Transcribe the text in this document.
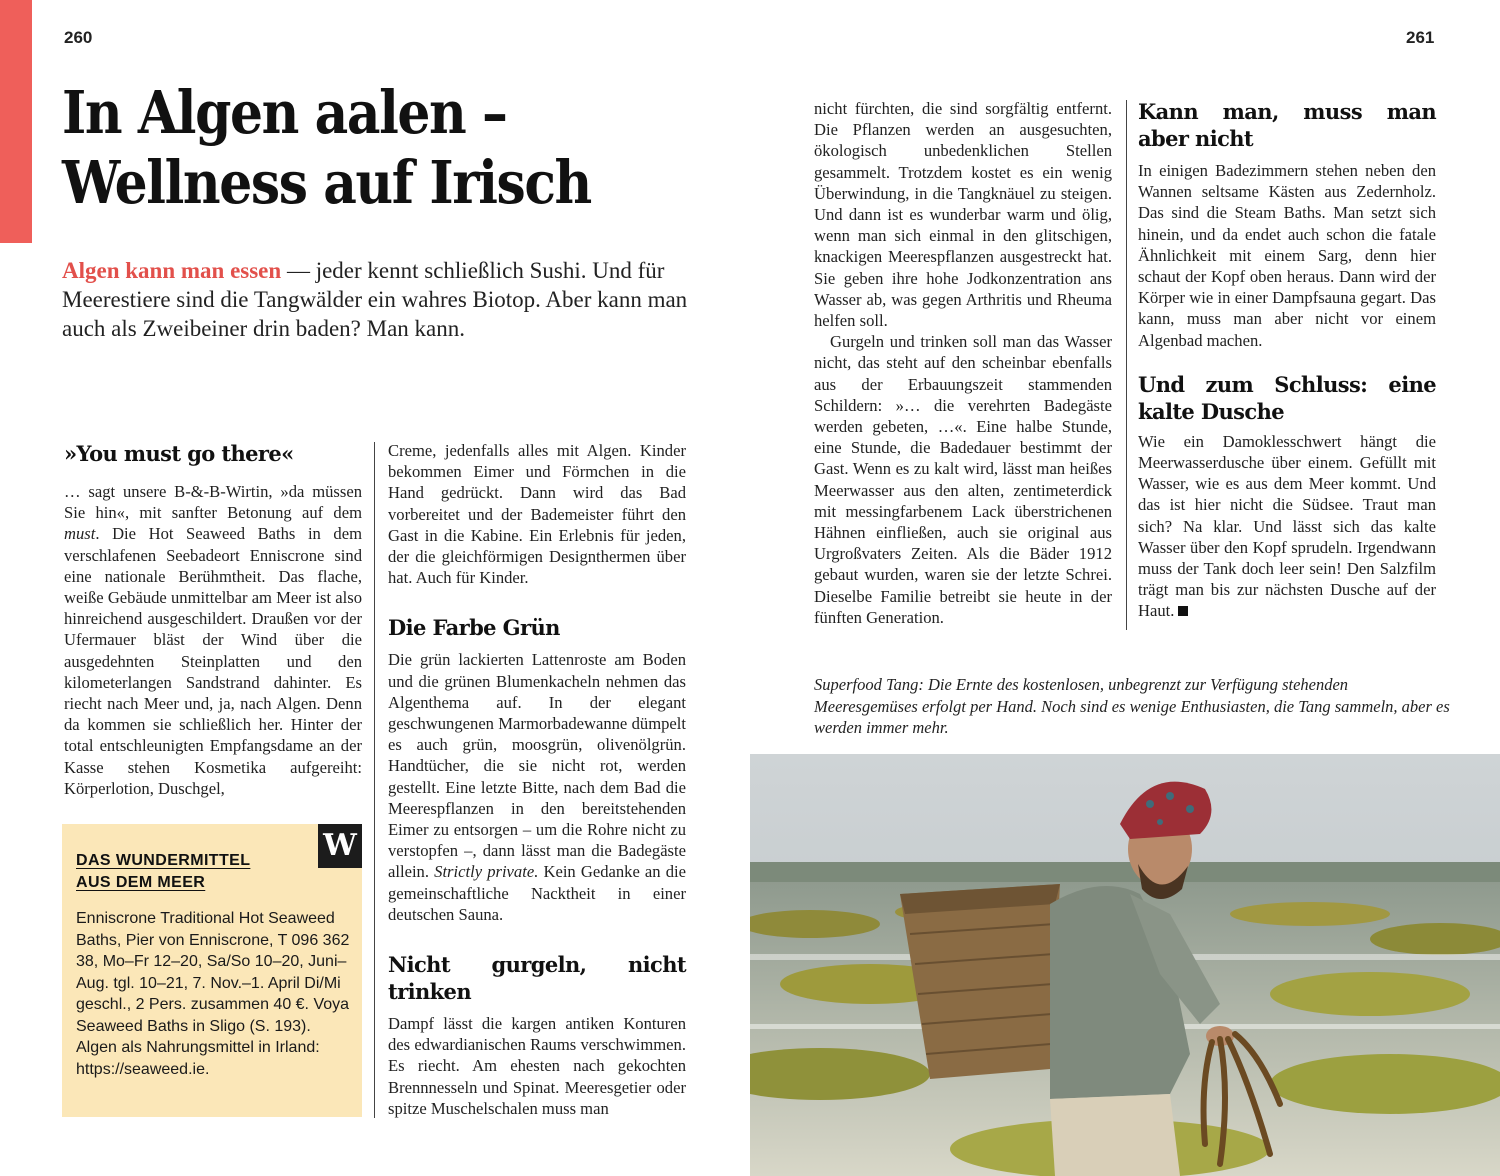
260	261
In Algen aalen –
Wellness auf Irisch

Algen kann man essen — jeder kennt schließlich Sushi. Und für Meerestiere sind die Tangwälder ein wahres Biotop. Aber kann man auch als Zweibeiner drin baden? Man kann.

»You must go there«

… sagt unsere B-&-B-Wirtin, »da müssen Sie hin«, mit sanfter Betonung auf dem must. Die Hot Seaweed Baths in dem verschlafenen Seebadeort Enniscrone sind eine nationale Berühmtheit. Das flache, weiße Gebäude unmittelbar am Meer ist also hinreichend ausgeschildert. Draußen vor der Ufermauer bläst der Wind über die ausgedehnten Steinplatten und den kilometerlangen Sandstrand dahinter. Es riecht nach Meer und, ja, nach Algen. Denn da kommen sie schließlich her. Hinter der total entschleunigten Empfangsdame an der Kasse stehen Kosmetika aufgereiht: Körperlotion, Duschgel,

W
DAS WUNDERMITTEL
AUS DEM MEER

Enniscrone Traditional Hot Seaweed Baths, Pier von Enniscrone, T 096 362 38, Mo–Fr 12–20, Sa/So 10–20, Juni–Aug. tgl. 10–21, 7. Nov.–1. April Di/Mi geschl., 2 Pers. zusammen 40 €. Voya Seaweed Baths in Sligo (S. 193). Algen als Nahrungsmittel in Irland: https://seaweed.ie.

Creme, jedenfalls alles mit Algen. Kinder bekommen Eimer und Förmchen in die Hand gedrückt. Dann wird das Bad vorbereitet und der Bademeister führt den Gast in die Kabine. Ein Erlebnis für jeden, der die gleichförmigen Designthermen über hat. Auch für Kinder.

Die Farbe Grün

Die grün lackierten Lattenroste am Boden und die grünen Blumenkacheln nehmen das Algenthema auf. In der elegant geschwungenen Marmorbadewanne dümpelt es auch grün, moosgrün, olivenölgrün. Handtücher, die sie nicht rot, werden gestellt. Eine letzte Bitte, nach dem Bad die Meerespflanzen in den bereitstehenden Eimer zu entsorgen – um die Rohre nicht zu verstopfen –, dann lässt man die Badegäste allein. Strictly private. Kein Gedanke an die gemeinschaftliche Nacktheit in einer deutschen Sauna.

Nicht gurgeln, nicht trinken

Dampf lässt die kargen antiken Konturen des edwardianischen Raums verschwimmen. Es riecht. Am ehesten nach gekochten Brennnesseln und Spinat. Meeresgetier oder spitze Muschelschalen muss man

nicht fürchten, die sind sorgfältig entfernt. Die Pflanzen werden an ausgesuchten, ökologisch unbedenklichen Stellen gesammelt. Trotzdem kostet es ein wenig Überwindung, in die Tangknäuel zu steigen. Und dann ist es wunderbar warm und ölig, wenn man sich einmal in den glitschigen, knackigen Meerespflanzen ausgestreckt hat. Sie geben ihre hohe Jodkonzentration ans Wasser ab, was gegen Arthritis und Rheuma helfen soll.

Gurgeln und trinken soll man das Wasser nicht, das steht auf den scheinbar ebenfalls aus der Erbauungszeit stammenden Schildern: »… die verehrten Badegäste werden gebeten, …«. Eine halbe Stunde, eine Stunde, die Badedauer bestimmt der Gast. Wenn es zu kalt wird, lässt man heißes Meerwasser aus den alten, zentimeterdick mit messingfarbenem Lack überstrichenen Hähnen einfließen, auch sie original aus Urgroßvaters Zeiten. Als die Bäder 1912 gebaut wurden, waren sie der letzte Schrei. Dieselbe Familie betreibt sie heute in der fünften Generation.

Kann man, muss man aber nicht

In einigen Badezimmern stehen neben den Wannen seltsame Kästen aus Zedernholz. Das sind die Steam Baths. Man setzt sich hinein, und da endet auch schon die fatale Ähnlichkeit mit einem Sarg, denn hier schaut der Kopf oben heraus. Dann wird der Körper wie in einer Dampfsauna gegart. Das kann, muss man aber nicht vor einem Algenbad machen.

Und zum Schluss: eine kalte Dusche

Wie ein Damoklesschwert hängt die Meerwasserdusche über einem. Gefüllt mit Wasser, wie es aus dem Meer kommt. Und das ist hier nicht die Südsee. Traut man sich? Na klar. Und lässt sich das kalte Wasser über den Kopf sprudeln. Irgendwann muss der Tank doch leer sein! Den Salzfilm trägt man bis zur nächsten Dusche auf der Haut.

Superfood Tang: Die Ernte des kostenlosen, unbegrenzt zur Verfügung stehenden Meeresgemüses erfolgt per Hand. Noch sind es wenige Enthusiasten, die Tang sammeln, aber es werden immer mehr.
